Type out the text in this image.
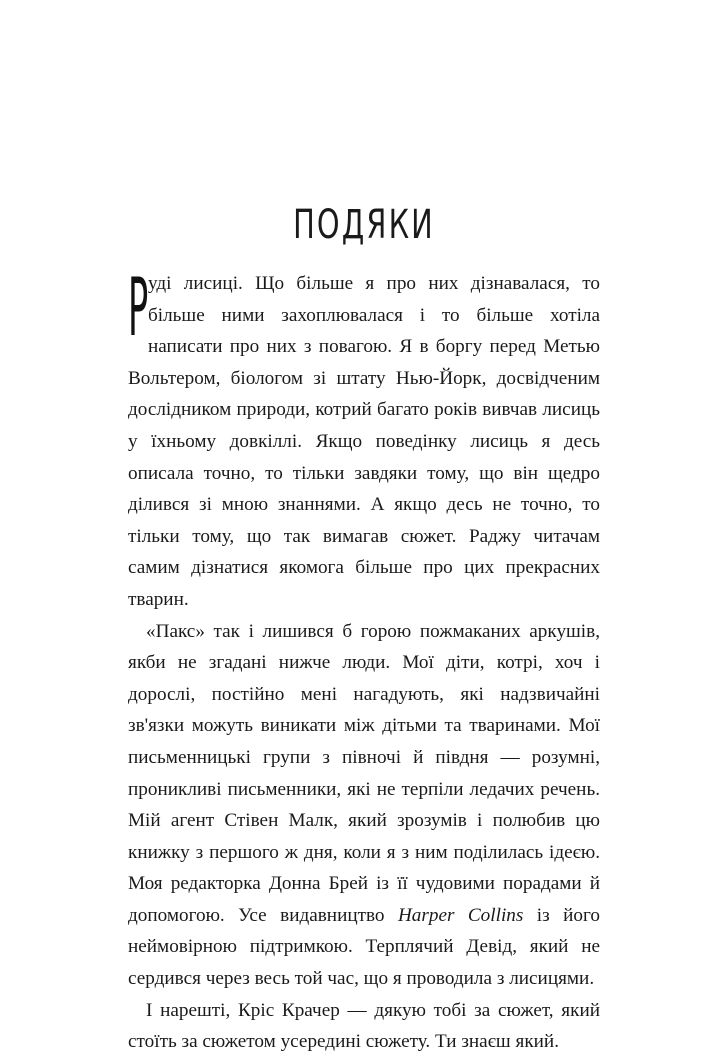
ПОДЯКИ

Руді лисиці. Що більше я про них дізнавалася, то більше ними захоплювалася і то більше хотіла написати про них з повагою. Я в боргу перед Метью Вольтером, біологом зі штату Нью-Йорк, досвідченим дослідником природи, котрий багато років вивчав лисиць у їхньому довкіллі. Якщо поведінку лисиць я десь описала точно, то тільки завдяки тому, що він щедро ділився зі мною знаннями. А якщо десь не точно, то тільки тому, що так вимагав сюжет. Раджу читачам самим дізнатися якомога більше про цих прекрасних тварин.

«Пакс» так і лишився б горою пожмаканих аркушів, якби не згадані нижче люди. Мої діти, котрі, хоч і дорослі, постійно мені нагадують, які надзвичайні зв'язки можуть виникати між дітьми та тваринами. Мої письменницькі групи з півночі й півдня — розумні, проникливі письменники, які не терпіли ледачих речень. Мій агент Стівен Малк, який зрозумів і полюбив цю книжку з першого ж дня, коли я з ним поділилась ідеєю. Моя редакторка Донна Брей із її чудовими порадами й допомогою. Усе видавництво Harper Collins із його неймовірною підтримкою. Терплячий Девід, який не сердився через весь той час, що я проводила з лисицями.

І нарешті, Кріс Крачер — дякую тобі за сюжет, який стоїть за сюжетом усередині сюжету. Ти знаєш який.
